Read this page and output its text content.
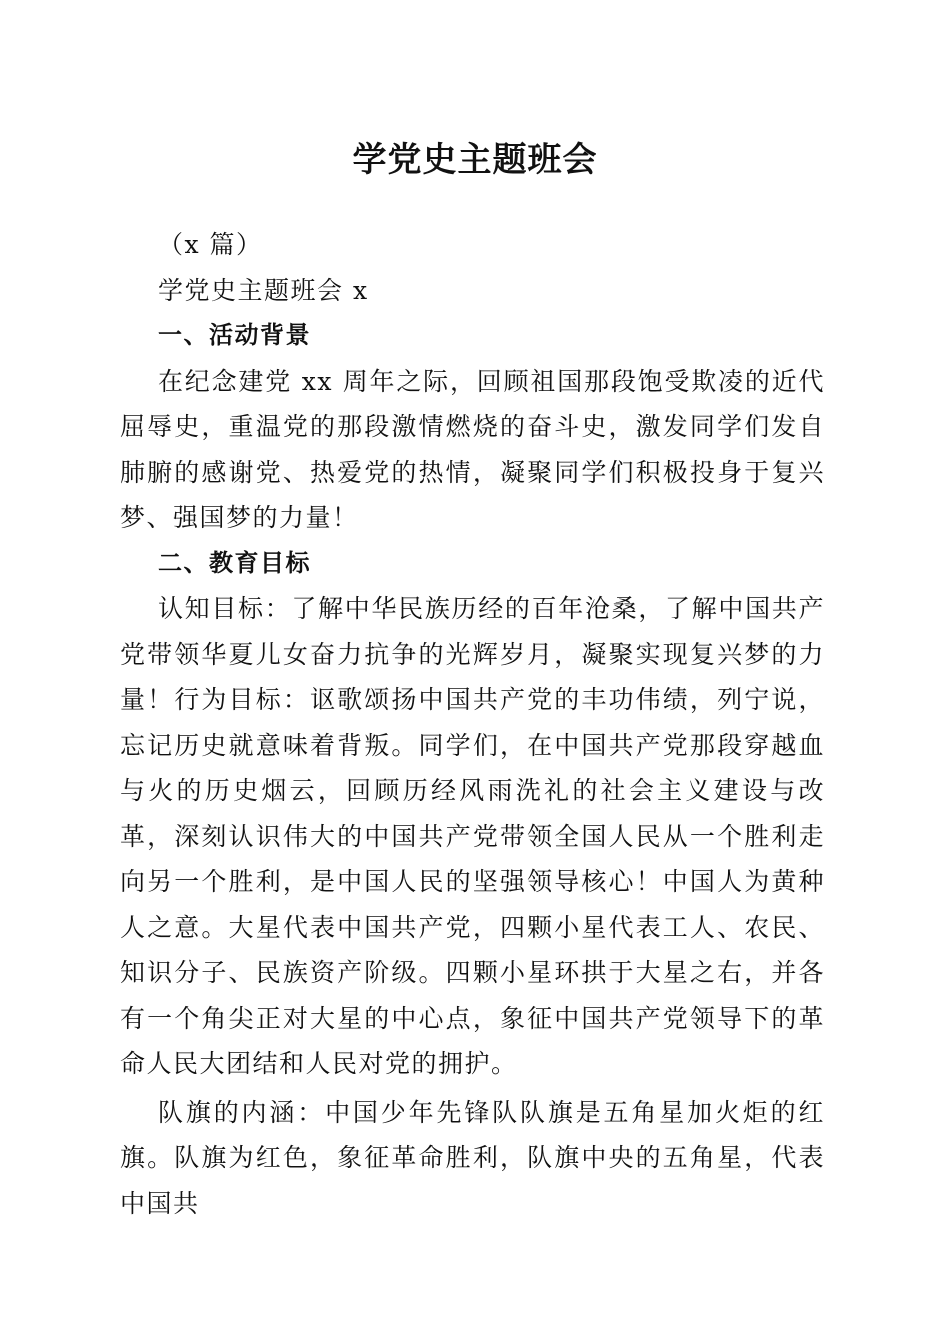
学党史主题班会

（x 篇）

学党史主题班会 x

一、活动背景

在纪念建党 xx 周年之际，回顾祖国那段饱受欺凌的近代屈辱史，重温党的那段激情燃烧的奋斗史，激发同学们发自肺腑的感谢党、热爱党的热情，凝聚同学们积极投身于复兴梦、强国梦的力量！

二、教育目标

认知目标：了解中华民族历经的百年沧桑，了解中国共产党带领华夏儿女奋力抗争的光辉岁月，凝聚实现复兴梦的力量！行为目标：讴歌颂扬中国共产党的丰功伟绩，列宁说，忘记历史就意味着背叛。同学们，在中国共产党那段穿越血与火的历史烟云，回顾历经风雨洗礼的社会主义建设与改革，深刻认识伟大的中国共产党带领全国人民从一个胜利走向另一个胜利，是中国人民的坚强领导核心！中国人为黄种人之意。大星代表中国共产党，四颗小星代表工人、农民、知识分子、民族资产阶级。四颗小星环拱于大星之右，并各有一个角尖正对大星的中心点，象征中国共产党领导下的革命人民大团结和人民对党的拥护。

队旗的内涵：中国少年先锋队队旗是五角星加火炬的红旗。队旗为红色，象征革命胜利，队旗中央的五角星，代表中国共
